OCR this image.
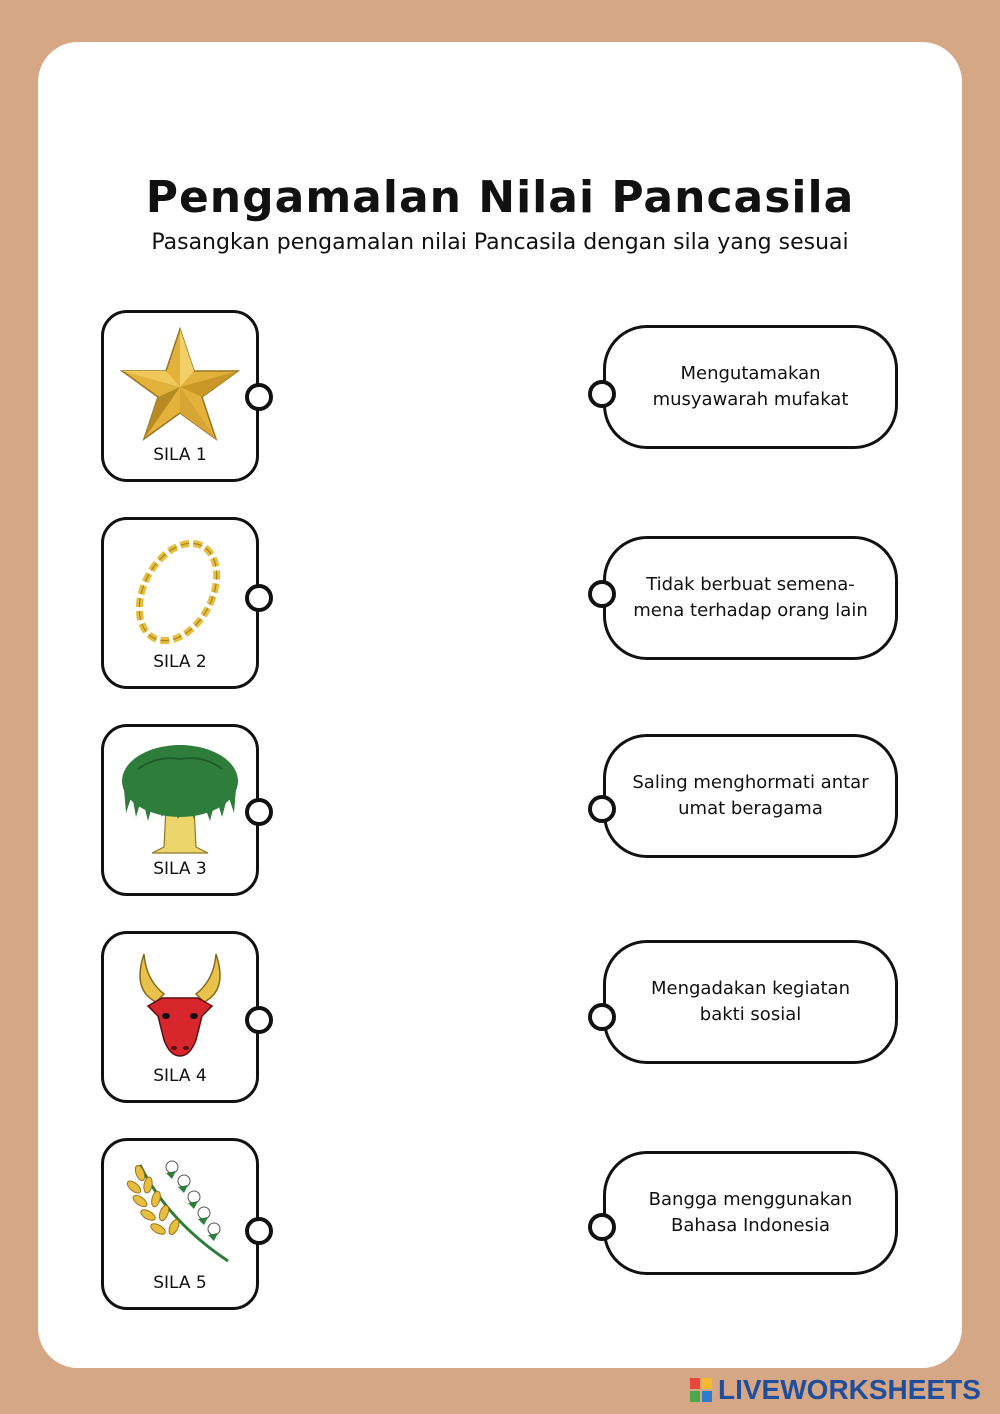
Pengamalan Nilai Pancasila
Pasangkan pengamalan nilai Pancasila dengan sila yang sesuai
SILA 1
SILA 2
SILA 3
SILA 4
SILA 5
Mengutamakan musyawarah mufakat
Tidak berbuat semena-mena terhadap orang lain
Saling menghormati antar umat beragama
Mengadakan kegiatan bakti sosial
Bangga menggunakan Bahasa Indonesia
LIVEWORKSHEETS
